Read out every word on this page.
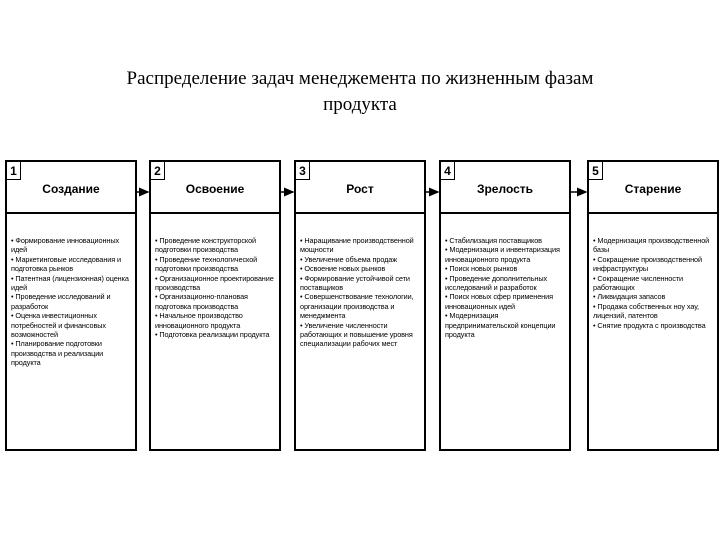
Распределение задач менеджемента по жизненным фазам
продукта
1
Создание
• Формирование инновационных идей
• Маркетинговые исследования и подготовка рынков
• Патентная (лицензионная) оценка идей
• Проведение исследований и разработок
• Оценка инвестиционных потребностей и финансовых возможностей
• Планирование подготовки производства и реализации продукта
2
Освоение
• Проведение конструкторской подготовки производства
• Проведение технологической подготовки производства
• Организационное проектирование производства
• Организационно-плановая подготовка производства
• Начальное производство инновационного продукта
• Подготовка реализации продукта
3
Рост
• Наращивание производственной мощности
• Увеличение объема продаж
• Освоение новых рынков
• Формирование устойчивой сети поставщиков
• Совершенствование технологии, организации производства и менеджмента
• Увеличение численности работающих и повышение уровня специализации рабочих мест
4
Зрелость
• Стабилизация поставщиков
• Модернизация и инвентаризация инновационного продукта
• Поиск новых рынков
• Проведение дополнительных исследований и разработок
• Поиск новых сфер применения инновационных идей
• Модернизация предпринимательской концепции продукта
5
Старение
• Модернизация производственной базы
• Сокращение производственной инфраструктуры
• Сокращение численности работающих
• Ликвидация запасов
• Продажа собственных ноу хау, лицензий, патентов
• Снятие продукта с производства
